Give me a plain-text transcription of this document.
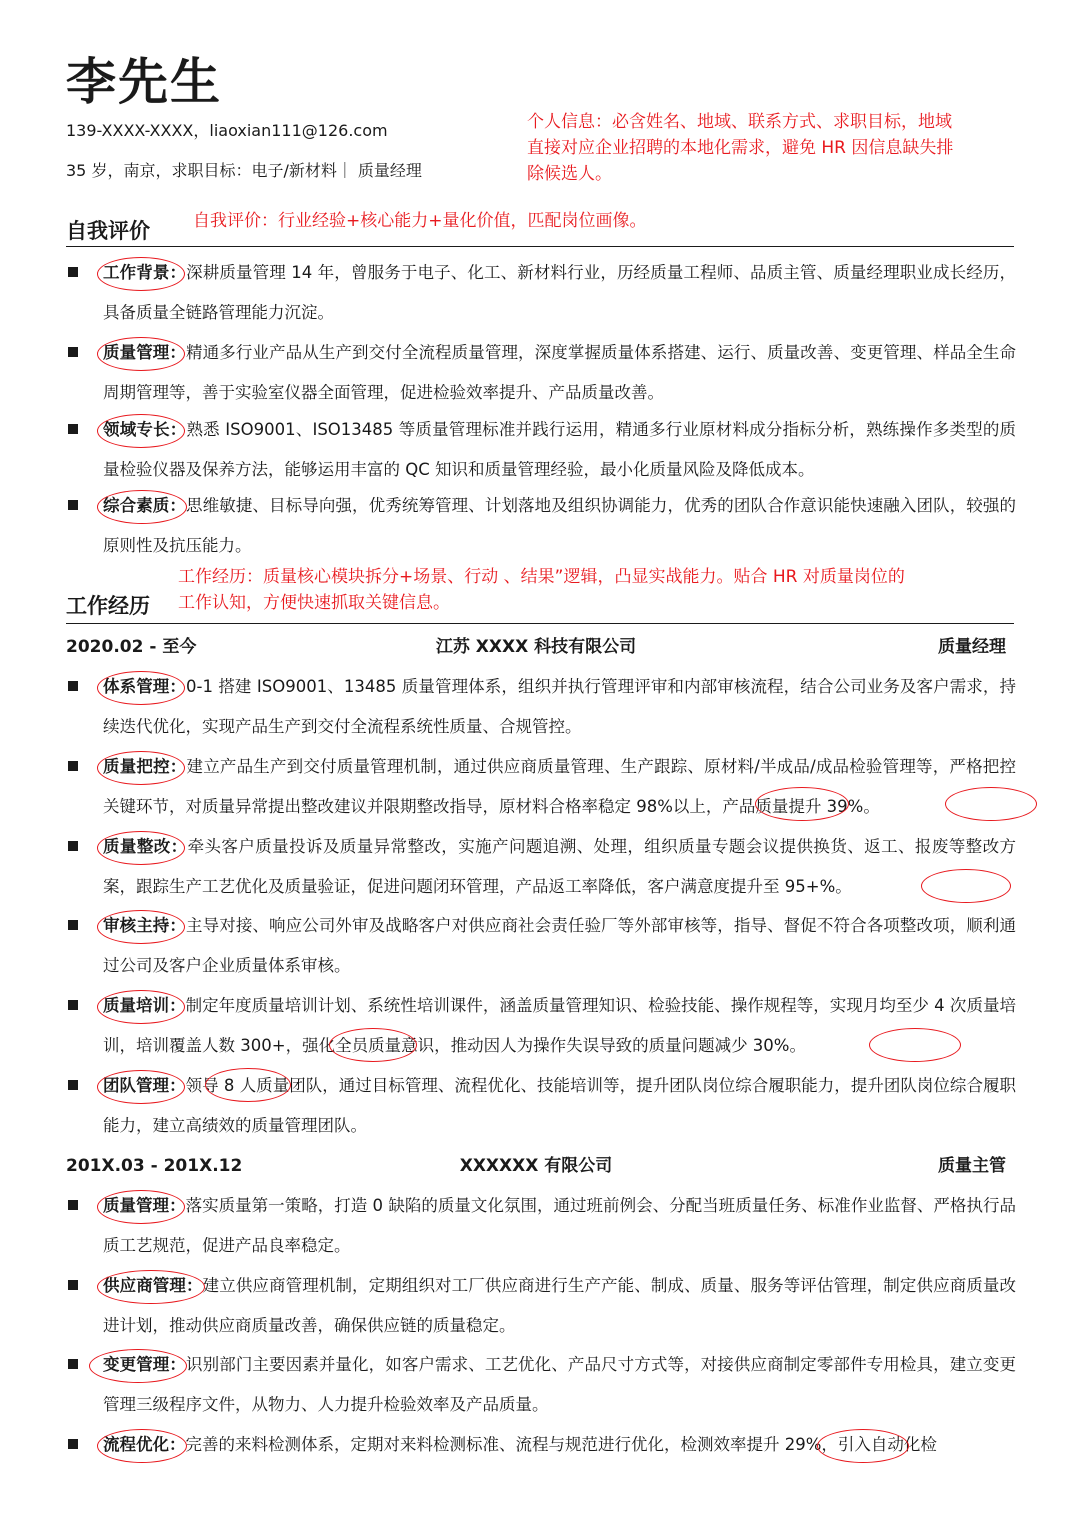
李先生
139-XXXX-XXXX，liaoxian111@126.com
35 岁，南京，求职目标：电子/新材料｜ 质量经理
个人信息：必含姓名、地域、联系方式、求职目标，地域直接对应企业招聘的本地化需求，避免 HR 因信息缺失排除候选人。
自我评价	自我评价：行业经验+核心能力+量化价值，匹配岗位画像。
工作背景：深耕质量管理 14 年，曾服务于电子、化工、新材料行业，历经质量工程师、品质主管、质量经理职业成长经历，具备质量全链路管理能力沉淀。
质量管理：精通多行业产品从生产到交付全流程质量管理，深度掌握质量体系搭建、运行、质量改善、变更管理、样品全生命周期管理等，善于实验室仪器全面管理，促进检验效率提升、产品质量改善。
领域专长：熟悉 ISO9001、ISO13485 等质量管理标准并践行运用，精通多行业原材料成分指标分析，熟练操作多类型的质量检验仪器及保养方法，能够运用丰富的 QC 知识和质量管理经验，最小化质量风险及降低成本。
综合素质：思维敏捷、目标导向强，优秀统筹管理、计划落地及组织协调能力，优秀的团队合作意识能快速融入团队，较强的原则性及抗压能力。
工作经历
工作经历：质量核心模块拆分+场景、行动 、结果”逻辑，凸显实战能力。贴合 HR 对质量岗位的工作认知，方便快速抓取关键信息。
2020.02 - 至今	江苏 XXXX 科技有限公司	质量经理
体系管理：0-1 搭建 ISO9001、13485 质量管理体系，组织并执行管理评审和内部审核流程，结合公司业务及客户需求，持续迭代优化，实现产品生产到交付全流程系统性质量、合规管控。
质量把控：建立产品生产到交付质量管理机制，通过供应商质量管理、生产跟踪、原材料/半成品/成品检验管理等，严格把控关键环节，对质量异常提出整改建议并限期整改指导，原材料合格率稳定 98%以上，产品质量提升 39%。
质量整改：牵头客户质量投诉及质量异常整改，实施产问题追溯、处理，组织质量专题会议提供换货、返工、报废等整改方案，跟踪生产工艺优化及质量验证，促进问题闭环管理，产品返工率降低，客户满意度提升至 95+%。
审核主持：主导对接、响应公司外审及战略客户对供应商社会责任验厂等外部审核等，指导、督促不符合各项整改项，顺利通过公司及客户企业质量体系审核。
质量培训：制定年度质量培训计划、系统性培训课件，涵盖质量管理知识、检验技能、操作规程等，实现月均至少 4 次质量培训，培训覆盖人数 300+，强化全员质量意识，推动因人为操作失误导致的质量问题减少 30%。
团队管理：领导 8 人质量团队，通过目标管理、流程优化、技能培训等，提升团队岗位综合履职能力，提升团队岗位综合履职能力，建立高绩效的质量管理团队。
201X.03 - 201X.12	XXXXXX 有限公司	质量主管
质量管理：落实质量第一策略，打造 0 缺陷的质量文化氛围，通过班前例会、分配当班质量任务、标准作业监督、严格执行品质工艺规范，促进产品良率稳定。
供应商管理：建立供应商管理机制，定期组织对工厂供应商进行生产产能、制成、质量、服务等评估管理，制定供应商质量改进计划，推动供应商质量改善，确保供应链的质量稳定。
变更管理：识别部门主要因素并量化，如客户需求、工艺优化、产品尺寸方式等，对接供应商制定零部件专用检具，建立变更管理三级程序文件，从物力、人力提升检验效率及产品质量。
流程优化：完善的来料检测体系，定期对来料检测标准、流程与规范进行优化，检测效率提升 29%，引入自动化检
